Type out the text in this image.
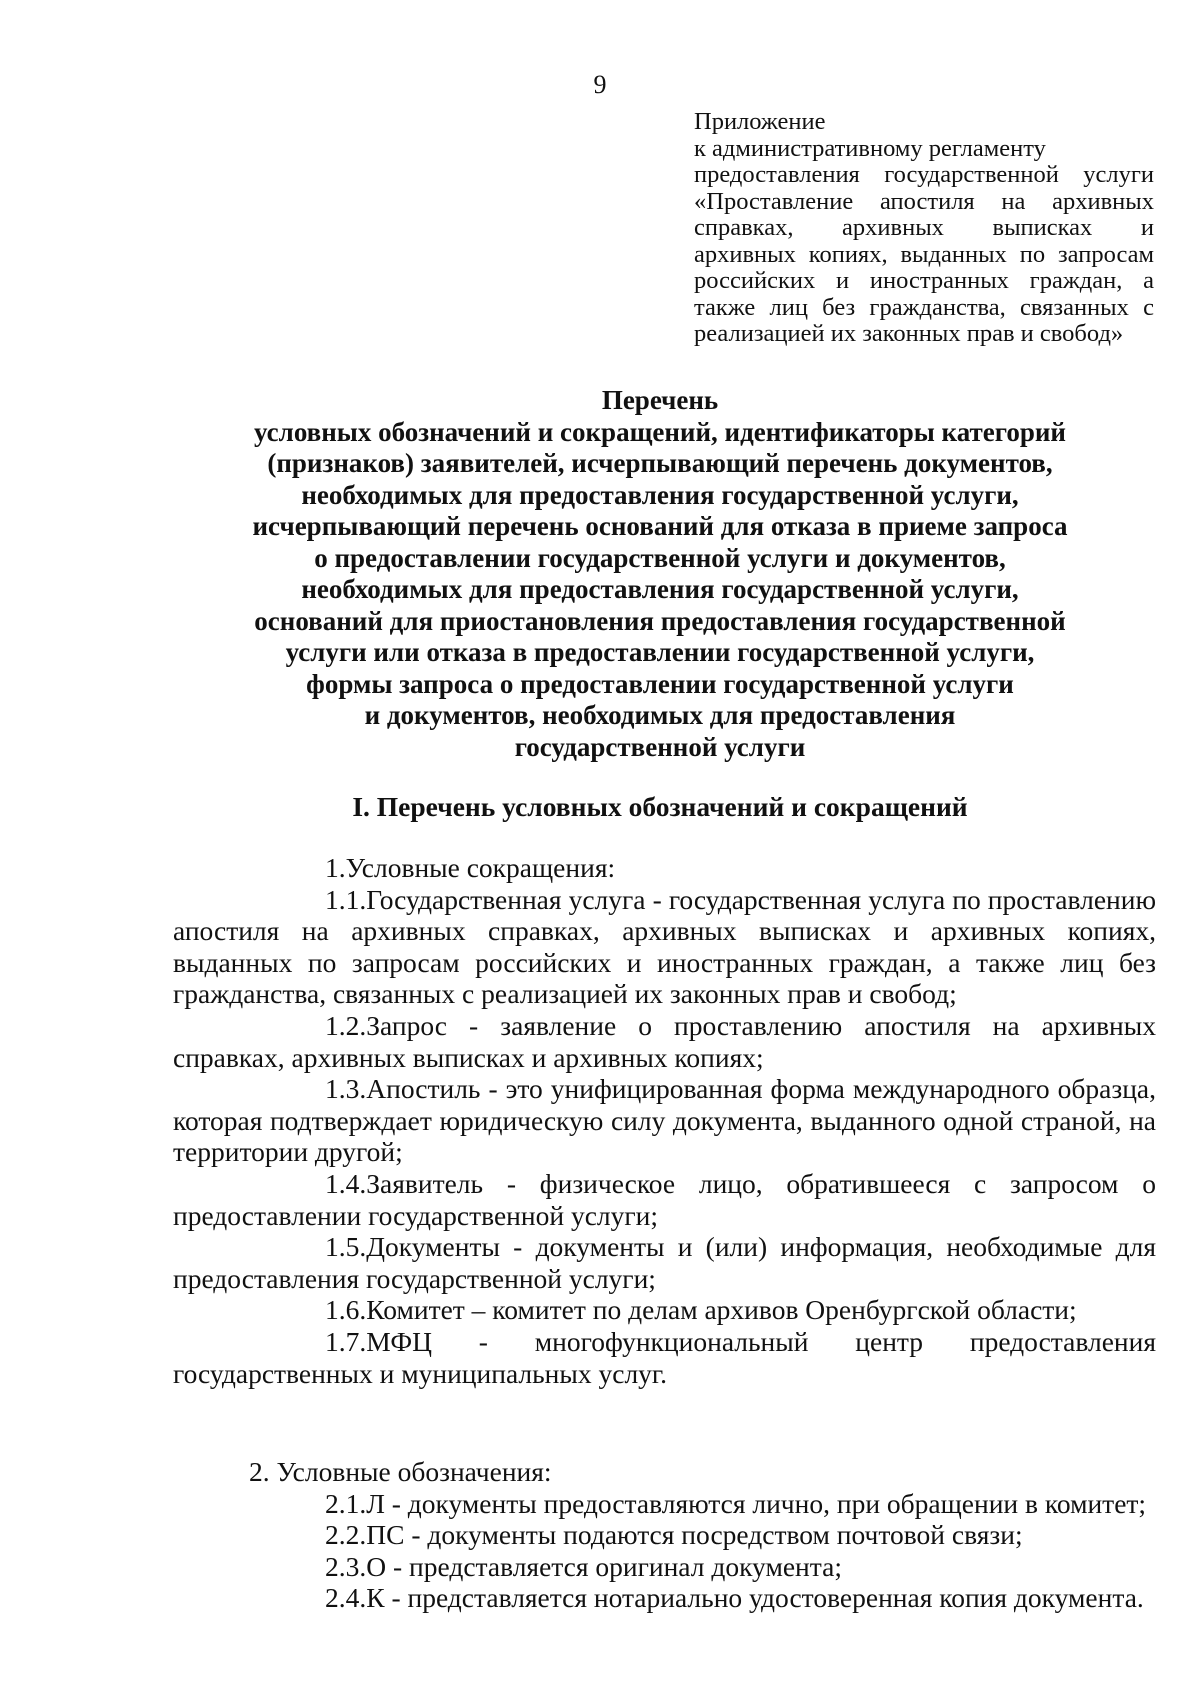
9
Приложение
к административному регламенту
предоставления государственной услуги
«Проставление апостиля на архивных
справках, архивных выписках и
архивных копиях, выданных по запросам
российских и иностранных граждан, а
также лиц без гражданства, связанных с
реализацией их законных прав и свобод»
Перечень
условных обозначений и сокращений, идентификаторы категорий
(признаков) заявителей, исчерпывающий перечень документов,
необходимых для предоставления государственной услуги,
исчерпывающий перечень оснований для отказа в приеме запроса
о предоставлении государственной услуги и документов,
необходимых для предоставления государственной услуги,
оснований для приостановления предоставления государственной
услуги или отказа в предоставлении государственной услуги,
формы запроса о предоставлении государственной услуги
и документов, необходимых для предоставления
государственной услуги
I. Перечень условных обозначений и сокращений

1.Условные сокращения:

1.1.Государственная услуга - государственная услуга по проставлению апостиля на архивных справках, архивных выписках и архивных копиях, выданных по запросам российских и иностранных граждан, а также лиц без гражданства, связанных с реализацией их законных прав и свобод;

1.2.Запрос - заявление о проставлению апостиля на архивных справках, архивных выписках и архивных копиях;

1.3.Апостиль - это унифицированная форма международного образца, которая подтверждает юридическую силу документа, выданного одной страной, на территории другой;

1.4.Заявитель - физическое лицо, обратившееся с запросом о предоставлении государственной услуги;

1.5.Документы - документы и (или) информация, необходимые для предоставления государственной услуги;

1.6.Комитет – комитет по делам архивов Оренбургской области;

1.7.МФЦ - многофункциональный центр предоставления государственных и муниципальных услуг.

2. Условные обозначения:

2.1.Л - документы предоставляются лично, при обращении в комитет;

2.2.ПС - документы подаются посредством почтовой связи;

2.3.О - представляется оригинал документа;

2.4.К - представляется нотариально удостоверенная копия документа.
